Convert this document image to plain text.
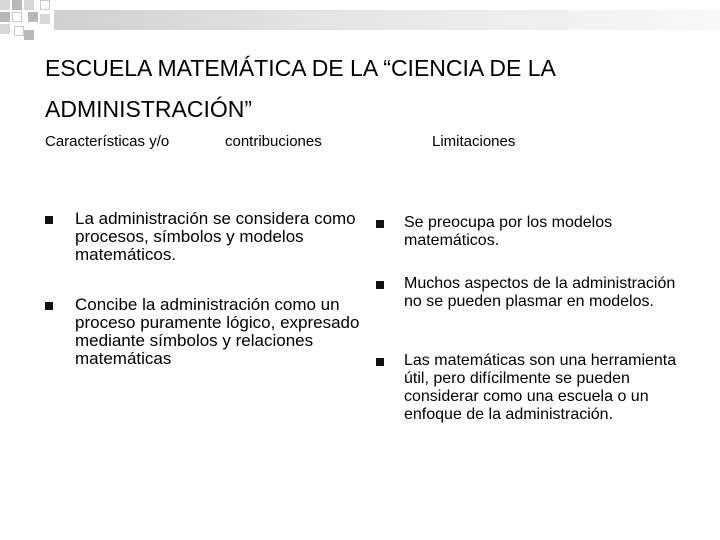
ESCUELA MATEMÁTICA DE LA “CIENCIA DE LA ADMINISTRACIÓN”
Características y/o	contribuciones	Limitaciones
La administración se considera como procesos, símbolos y modelos matemáticos.
Concibe la administración como un proceso puramente lógico, expresado mediante símbolos y relaciones matemáticas
Se preocupa por los modelos matemáticos.
Muchos aspectos de la administración no se pueden plasmar en modelos.
Las matemáticas son una herramienta útil, pero difícilmente se pueden considerar como una escuela o un enfoque de la administración.
